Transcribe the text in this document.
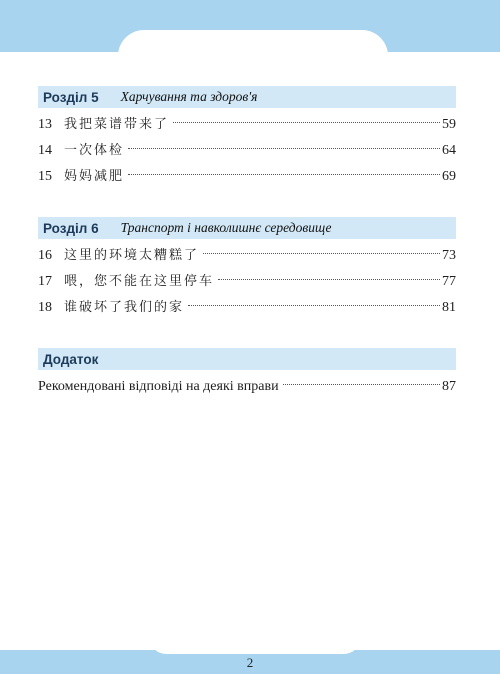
Розділ 5 Харчування та здоров'я
13 我把菜谱带来了	59
14 一次体检	64
15 妈妈减肥	69
Розділ 6 Транспорт і навколишнє середовище
16 这里的环境太糟糕了	73
17 喂，您不能在这里停车	77
18 谁破坏了我们的家	81
Додаток
Рекомендовані відповіді на деякі вправи	87
2
